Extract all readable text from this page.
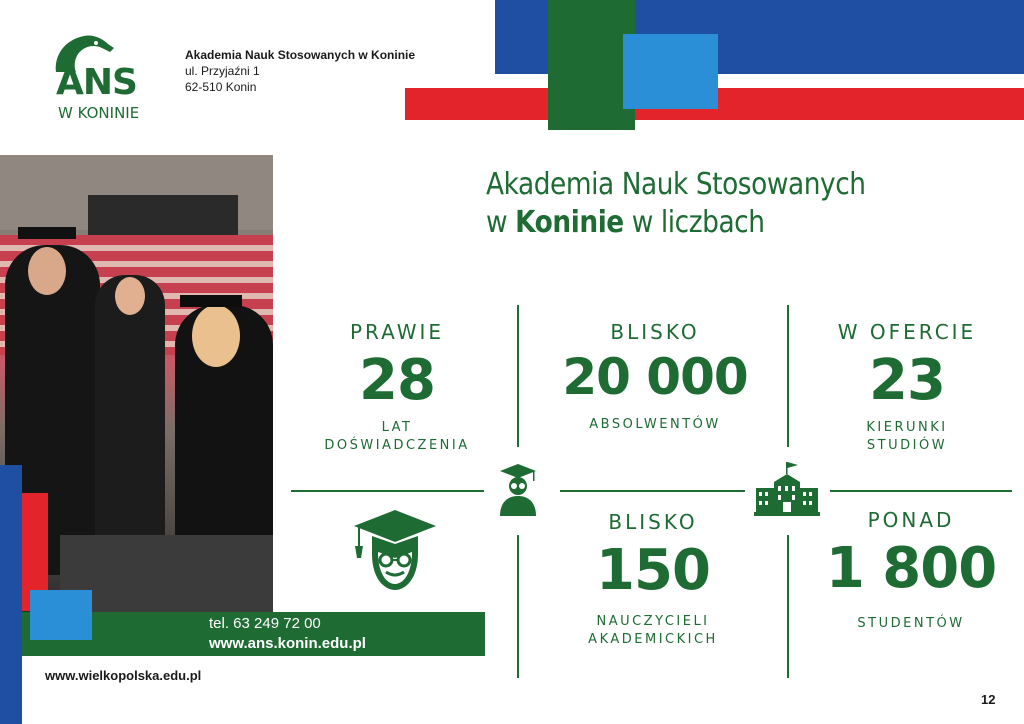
ANS
W KONINIE
Akademia Nauk Stosowanych w Koninie
ul. Przyjaźni 1
62-510 Konin
tel. 63 249 72 00
www.ans.konin.edu.pl
Akademia Nauk Stosowanych
w Koninie w liczbach
PRAWIE
28
LAT
DOŚWIADCZENIA
BLISKO
20 000
ABSOLWENTÓW
W OFERCIE
23
KIERUNKI
STUDIÓW
BLISKO
150
NAUCZYCIELI
AKADEMICKICH
PONAD
1 800
STUDENTÓW
www.wielkopolska.edu.pl
12
